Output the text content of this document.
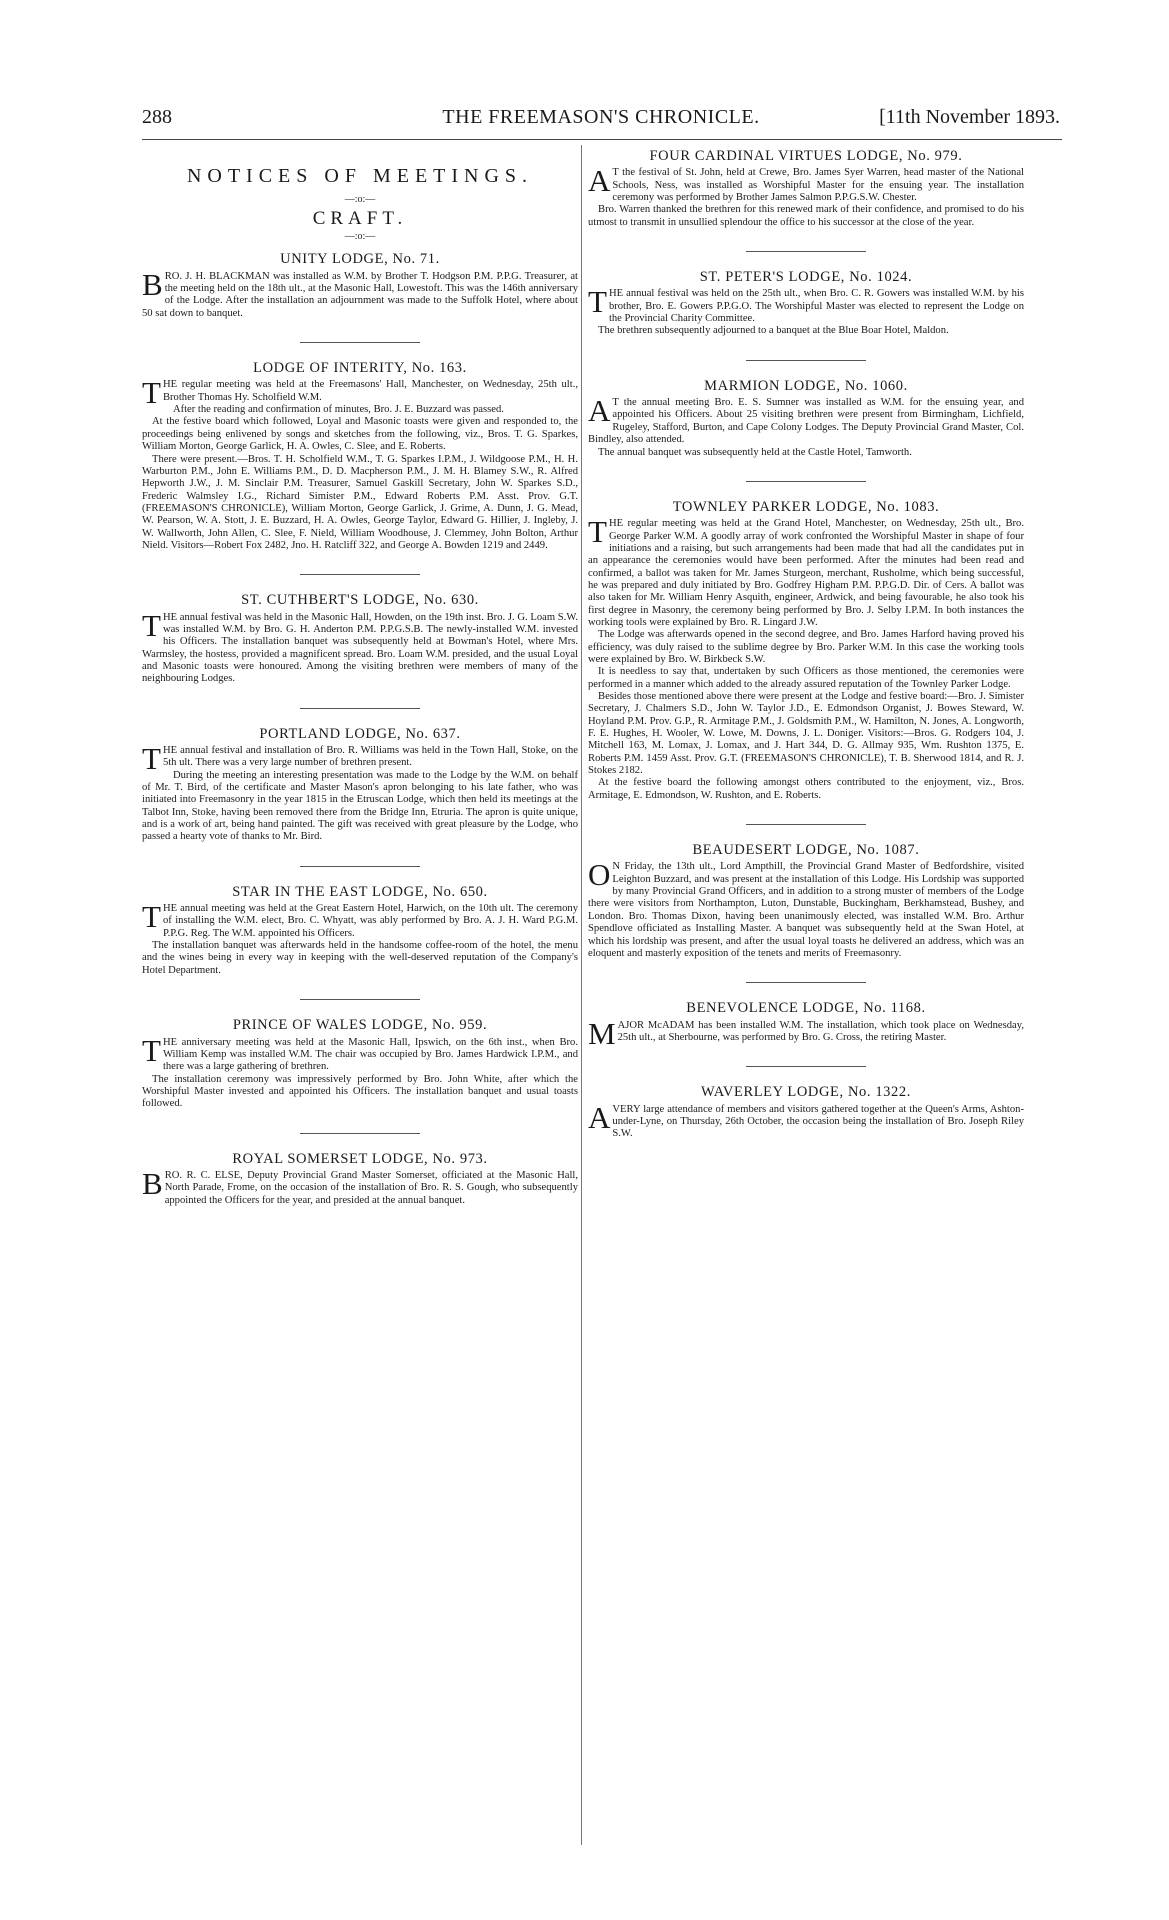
288	THE FREEMASON'S CHRONICLE.	[11th November 1893.
NOTICES OF MEETINGS.
—:o:—
CRAFT.
—:o:—
UNITY LODGE, No. 71.

BRO. J. H. BLACKMAN was installed as W.M. by Brother T. Hodgson P.M. P.P.G. Treasurer, at the meeting held on the 18th ult., at the Masonic Hall, Lowestoft. This was the 146th anniversary of the Lodge. After the installation an adjournment was made to the Suffolk Hotel, where about 50 sat down to banquet.

LODGE OF INTERITY, No. 163.

THE regular meeting was held at the Freemasons' Hall, Manchester, on Wednesday, 25th ult., Brother Thomas Hy. Scholfield W.M.

After the reading and confirmation of minutes, Bro. J. E. Buzzard was passed.

At the festive board which followed, Loyal and Masonic toasts were given and responded to, the proceedings being enlivened by songs and sketches from the following, viz., Bros. T. G. Sparkes, William Morton, George Garlick, H. A. Owles, C. Slee, and E. Roberts.

There were present.—Bros. T. H. Scholfield W.M., T. G. Sparkes I.P.M., J. Wildgoose P.M., H. H. Warburton P.M., John E. Williams P.M., D. D. Macpherson P.M., J. M. H. Blamey S.W., R. Alfred Hepworth J.W., J. M. Sinclair P.M. Treasurer, Samuel Gaskill Secretary, John W. Sparkes S.D., Frederic Walmsley I.G., Richard Simister P.M., Edward Roberts P.M. Asst. Prov. G.T. (FREEMASON'S CHRONICLE), William Morton, George Garlick, J. Grime, A. Dunn, J. G. Mead, W. Pearson, W. A. Stott, J. E. Buzzard, H. A. Owles, George Taylor, Edward G. Hillier, J. Ingleby, J. W. Wallworth, John Allen, C. Slee, F. Nield, William Woodhouse, J. Clemmey, John Bolton, Arthur Nield. Visitors—Robert Fox 2482, Jno. H. Ratcliff 322, and George A. Bowden 1219 and 2449.

ST. CUTHBERT'S LODGE, No. 630.

THE annual festival was held in the Masonic Hall, Howden, on the 19th inst. Bro. J. G. Loam S.W. was installed W.M. by Bro. G. H. Anderton P.M. P.P.G.S.B. The newly-installed W.M. invested his Officers. The installation banquet was subsequently held at Bowman's Hotel, where Mrs. Warmsley, the hostess, provided a magnificent spread. Bro. Loam W.M. presided, and the usual Loyal and Masonic toasts were honoured. Among the visiting brethren were members of many of the neighbouring Lodges.

PORTLAND LODGE, No. 637.

THE annual festival and installation of Bro. R. Williams was held in the Town Hall, Stoke, on the 5th ult. There was a very large number of brethren present.

During the meeting an interesting presentation was made to the Lodge by the W.M. on behalf of Mr. T. Bird, of the certificate and Master Mason's apron belonging to his late father, who was initiated into Freemasonry in the year 1815 in the Etruscan Lodge, which then held its meetings at the Talbot Inn, Stoke, having been removed there from the Bridge Inn, Etruria. The apron is quite unique, and is a work of art, being hand painted. The gift was received with great pleasure by the Lodge, who passed a hearty vote of thanks to Mr. Bird.

STAR IN THE EAST LODGE, No. 650.

THE annual meeting was held at the Great Eastern Hotel, Harwich, on the 10th ult. The ceremony of installing the W.M. elect, Bro. C. Whyatt, was ably performed by Bro. A. J. H. Ward P.G.M. P.P.G. Reg. The W.M. appointed his Officers.

The installation banquet was afterwards held in the handsome coffee-room of the hotel, the menu and the wines being in every way in keeping with the well-deserved reputation of the Company's Hotel Department.

PRINCE OF WALES LODGE, No. 959.

THE anniversary meeting was held at the Masonic Hall, Ipswich, on the 6th inst., when Bro. William Kemp was installed W.M. The chair was occupied by Bro. James Hardwick I.P.M., and there was a large gathering of brethren.

The installation ceremony was impressively performed by Bro. John White, after which the Worshipful Master invested and appointed his Officers. The installation banquet and usual toasts followed.

ROYAL SOMERSET LODGE, No. 973.

BRO. R. C. ELSE, Deputy Provincial Grand Master Somerset, officiated at the Masonic Hall, North Parade, Frome, on the occasion of the installation of Bro. R. S. Gough, who subsequently appointed the Officers for the year, and presided at the annual banquet.

FOUR CARDINAL VIRTUES LODGE, No. 979.

AT the festival of St. John, held at Crewe, Bro. James Syer Warren, head master of the National Schools, Ness, was installed as Worshipful Master for the ensuing year. The installation ceremony was performed by Brother James Salmon P.P.G.S.W. Chester.

Bro. Warren thanked the brethren for this renewed mark of their confidence, and promised to do his utmost to transmit in unsullied splendour the office to his successor at the close of the year.

ST. PETER'S LODGE, No. 1024.

THE annual festival was held on the 25th ult., when Bro. C. R. Gowers was installed W.M. by his brother, Bro. E. Gowers P.P.G.O. The Worshipful Master was elected to represent the Lodge on the Provincial Charity Committee.

The brethren subsequently adjourned to a banquet at the Blue Boar Hotel, Maldon.

MARMION LODGE, No. 1060.

AT the annual meeting Bro. E. S. Sumner was installed as W.M. for the ensuing year, and appointed his Officers. About 25 visiting brethren were present from Birmingham, Lichfield, Rugeley, Stafford, Burton, and Cape Colony Lodges. The Deputy Provincial Grand Master, Col. Bindley, also attended.

The annual banquet was subsequently held at the Castle Hotel, Tamworth.

TOWNLEY PARKER LODGE, No. 1083.

THE regular meeting was held at the Grand Hotel, Manchester, on Wednesday, 25th ult., Bro. George Parker W.M. A goodly array of work confronted the Worshipful Master in shape of four initiations and a raising, but such arrangements had been made that had all the candidates put in an appearance the ceremonies would have been performed. After the minutes had been read and confirmed, a ballot was taken for Mr. James Sturgeon, merchant, Rusholme, which being successful, he was prepared and duly initiated by Bro. Godfrey Higham P.M. P.P.G.D. Dir. of Cers. A ballot was also taken for Mr. William Henry Asquith, engineer, Ardwick, and being favourable, he also took his first degree in Masonry, the ceremony being performed by Bro. J. Selby I.P.M. In both instances the working tools were explained by Bro. R. Lingard J.W.

The Lodge was afterwards opened in the second degree, and Bro. James Harford having proved his efficiency, was duly raised to the sublime degree by Bro. Parker W.M. In this case the working tools were explained by Bro. W. Birkbeck S.W.

It is needless to say that, undertaken by such Officers as those mentioned, the ceremonies were performed in a manner which added to the already assured reputation of the Townley Parker Lodge.

Besides those mentioned above there were present at the Lodge and festive board:—Bro. J. Simister Secretary, J. Chalmers S.D., John W. Taylor J.D., E. Edmondson Organist, J. Bowes Steward, W. Hoyland P.M. Prov. G.P., R. Armitage P.M., J. Goldsmith P.M., W. Hamilton, N. Jones, A. Longworth, F. E. Hughes, H. Wooler, W. Lowe, M. Downs, J. L. Doniger. Visitors:—Bros. G. Rodgers 104, J. Mitchell 163, M. Lomax, J. Lomax, and J. Hart 344, D. G. Allmay 935, Wm. Rushton 1375, E. Roberts P.M. 1459 Asst. Prov. G.T. (FREEMASON'S CHRONICLE), T. B. Sherwood 1814, and R. J. Stokes 2182.

At the festive board the following amongst others contributed to the enjoyment, viz., Bros. Armitage, E. Edmondson, W. Rushton, and E. Roberts.

BEAUDESERT LODGE, No. 1087.

ON Friday, the 13th ult., Lord Ampthill, the Provincial Grand Master of Bedfordshire, visited Leighton Buzzard, and was present at the installation of this Lodge. His Lordship was supported by many Provincial Grand Officers, and in addition to a strong muster of members of the Lodge there were visitors from Northampton, Luton, Dunstable, Buckingham, Berkhamstead, Bushey, and London. Bro. Thomas Dixon, having been unanimously elected, was installed W.M. Bro. Arthur Spendlove officiated as Installing Master. A banquet was subsequently held at the Swan Hotel, at which his lordship was present, and after the usual loyal toasts he delivered an address, which was an eloquent and masterly exposition of the tenets and merits of Freemasonry.

BENEVOLENCE LODGE, No. 1168.

MAJOR McADAM has been installed W.M. The installation, which took place on Wednesday, 25th ult., at Sherbourne, was performed by Bro. G. Cross, the retiring Master.

WAVERLEY LODGE, No. 1322.

AVERY large attendance of members and visitors gathered together at the Queen's Arms, Ashton-under-Lyne, on Thursday, 26th October, the occasion being the installation of Bro. Joseph Riley S.W.
